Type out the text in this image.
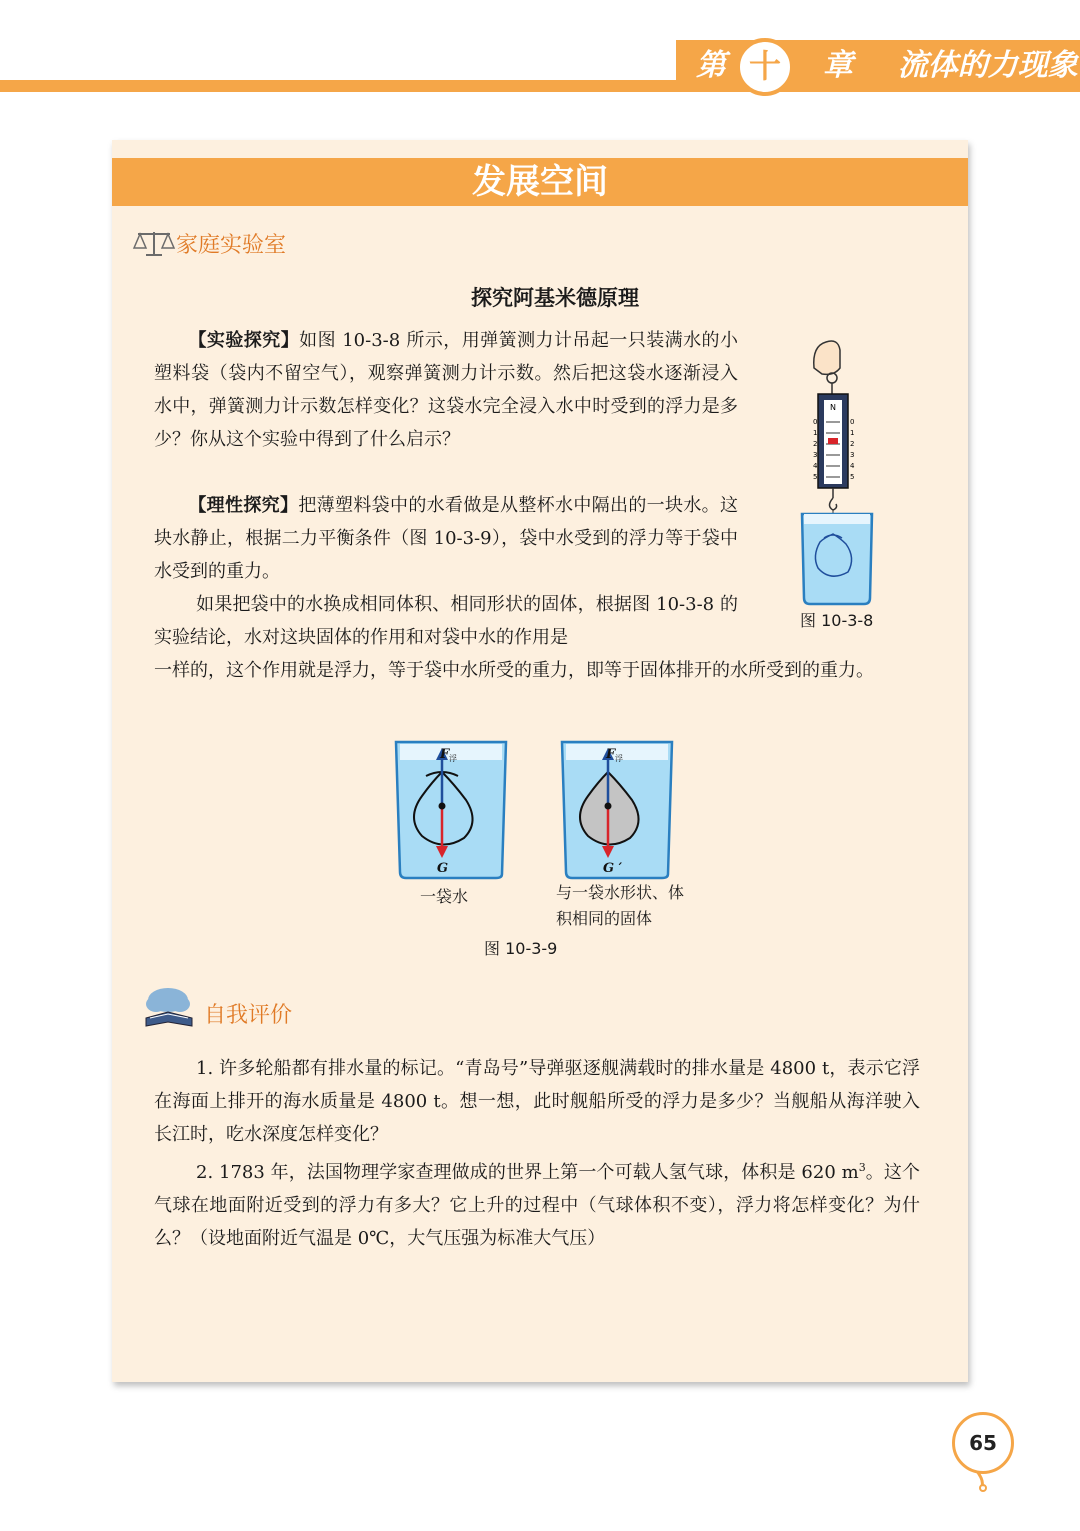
第	章 流体的力现象
十
发展空间
家庭实验室
探究阿基米德原理
【实验探究】如图 10-3-8 所示，用弹簧测力计吊起一只装满水的小塑料袋（袋内不留空气），观察弹簧测力计示数。然后把这袋水逐渐浸入水中，弹簧测力计示数怎样变化？这袋水完全浸入水中时受到的浮力是多少？你从这个实验中得到了什么启示？
【理性探究】把薄塑料袋中的水看做是从整杯水中隔出的一块水。这块水静止，根据二力平衡条件（图 10-3-9），袋中水受到的浮力等于袋中水受到的重力。
如果把袋中的水换成相同体积、相同形状的固体，根据图 10-3-8 的实验结论，水对这块固体的作用和对袋中水的作用是
一样的，这个作用就是浮力，等于袋中水所受的重力，即等于固体排开的水所受到的重力。
N
0	0
1	1
2	2
3	3
4	4
5	5
图 10-3-8
F 浮
G
一袋水
F 浮
G ′
与一袋水形状、体
积相同的固体
图 10-3-9
自我评价
1. 许多轮船都有排水量的标记。“青岛号”导弹驱逐舰满载时的排水量是 4800 t，表示它浮在海面上排开的海水质量是 4800 t。想一想，此时舰船所受的浮力是多少？当舰船从海洋驶入长江时，吃水深度怎样变化？
2. 1783 年，法国物理学家查理做成的世界上第一个可载人氢气球，体积是 620 $m^3$。这个气球在地面附近受到的浮力有多大？它上升的过程中（气球体积不变），浮力将怎样变化？为什么？（设地面附近气温是 0℃，大气压强为标准大气压）
65
